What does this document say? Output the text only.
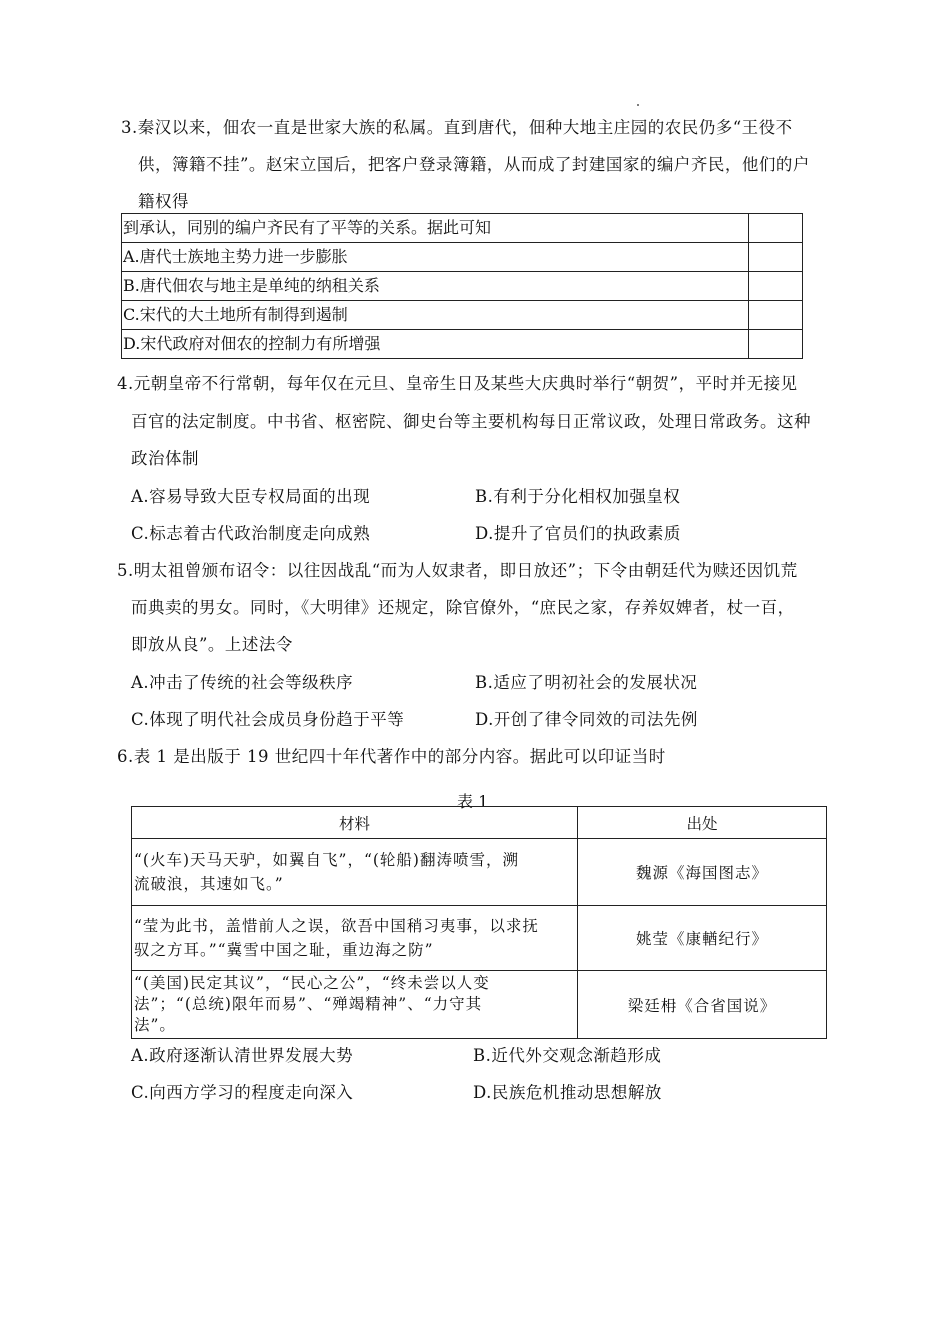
3.秦汉以来，佃农一直是世家大族的私属。直到唐代，佃种大地主庄园的农民仍多“王役不
供，簿籍不挂”。赵宋立国后，把客户登录簿籍，从而成了封建国家的编户齐民，他们的户
籍权得
到承认，同别的编户齐民有了平等的关系。据此可知	
A.唐代士族地主势力进一步膨胀	
B.唐代佃农与地主是单纯的纳租关系	
C.宋代的大土地所有制得到遏制	
D.宋代政府对佃农的控制力有所增强	
4.元朝皇帝不行常朝，每年仅在元旦、皇帝生日及某些大庆典时举行“朝贺”，平时并无接见
百官的法定制度。中书省、枢密院、御史台等主要机构每日正常议政，处理日常政务。这种
政治体制
A.容易导致大臣专权局面的出现	B.有利于分化相权加强皇权
C.标志着古代政治制度走向成熟	D.提升了官员们的执政素质
5.明太祖曾颁布诏令：以往因战乱“而为人奴隶者，即日放还”；下令由朝廷代为赎还因饥荒
而典卖的男女。同时，《大明律》还规定，除官僚外，“庶民之家，存养奴婢者，杖一百，
即放从良”。上述法令
A.冲击了传统的社会等级秩序	B.适应了明初社会的发展状况
C.体现了明代社会成员身份趋于平等	D.开创了律令同效的司法先例
6.表 1 是出版于 19 世纪四十年代著作中的部分内容。据此可以印证当时
表 1
材料	出处

“(火车)天马天驴，如翼自飞”，“(轮船)翻涛喷雪，溯
流破浪，其速如飞。”	魏源《海国图志》

“莹为此书，盖惜前人之误，欲吾中国稍习夷事，以求抚
驭之方耳。”“冀雪中国之耻，重边海之防”	姚莹《康輶纪行》

“(美国)民定其议”，“民心之公”，“终未尝以人变
法”；“(总统)限年而易”、“殚竭精神”、“力守其
法”。	梁廷枏《合省国说》
A.政府逐渐认清世界发展大势	B.近代外交观念渐趋形成
C.向西方学习的程度走向深入	D.民族危机推动思想解放
